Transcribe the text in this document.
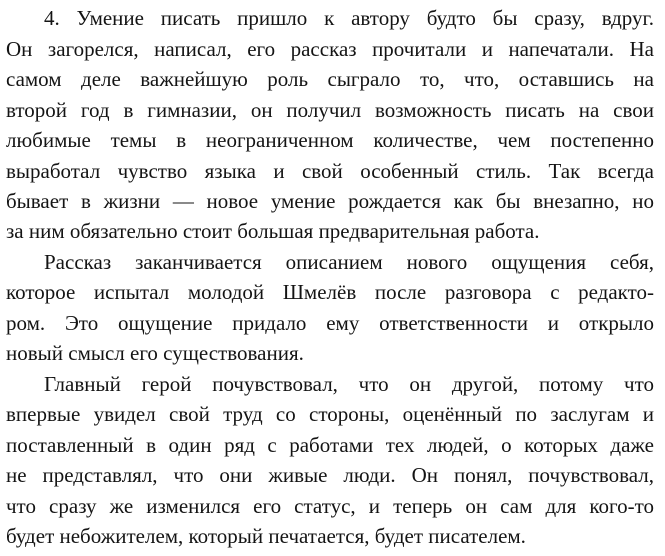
4. Умение писать пришло к автору будто бы сразу, вдруг.
Он загорелся, написал, его рассказ прочитали и напечатали. На
самом деле важнейшую роль сыграло то, что, оставшись на
второй год в гимназии, он получил возможность писать на свои
любимые темы в неограниченном количестве, чем постепенно
выработал чувство языка и свой особенный стиль. Так всегда
бывает в жизни — новое умение рождается как бы внезапно, но
за ним обязательно стоит большая предварительная работа.
Рассказ заканчивается описанием нового ощущения себя,
которое испытал молодой Шмелёв после разговора с редакто-
ром. Это ощущение придало ему ответственности и открыло
новый смысл его существования.
Главный герой почувствовал, что он другой, потому что
впервые увидел свой труд со стороны, оценённый по заслугам и
поставленный в один ряд с работами тех людей, о которых даже
не представлял, что они живые люди. Он понял, почувствовал,
что сразу же изменился его статус, и теперь он сам для кого-то
будет небожителем, который печатается, будет писателем.
